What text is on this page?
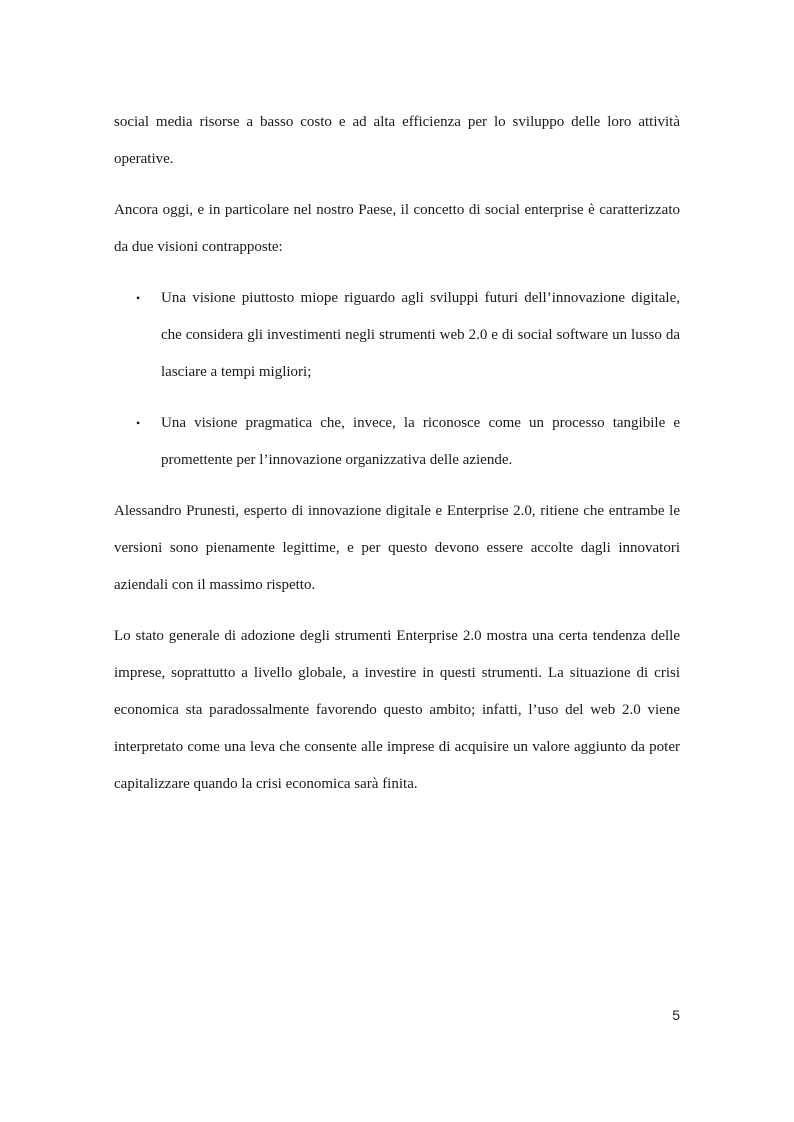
social media risorse a basso costo e ad alta efficienza per lo sviluppo delle loro attività operative.

Ancora oggi, e in particolare nel nostro Paese, il concetto di social enterprise è caratterizzato da due visioni contrapposte:

• Una visione piuttosto miope riguardo agli sviluppi futuri dell’innovazione digitale, che considera gli investimenti negli strumenti web 2.0 e di social software un lusso da lasciare a tempi migliori;
• Una visione pragmatica che, invece, la riconosce come un processo tangibile e promettente per l’innovazione organizzativa delle aziende.

Alessandro Prunesti, esperto di innovazione digitale e Enterprise 2.0, ritiene che entrambe le versioni sono pienamente legittime, e per questo devono essere accolte dagli innovatori aziendali con il massimo rispetto.

Lo stato generale di adozione degli strumenti Enterprise 2.0 mostra una certa tendenza delle imprese, soprattutto a livello globale, a investire in questi strumenti. La situazione di crisi economica sta paradossalmente favorendo questo ambito; infatti, l’uso del web 2.0 viene interpretato come una leva che consente alle imprese di acquisire un valore aggiunto da poter capitalizzare quando la crisi economica sarà finita.

5
